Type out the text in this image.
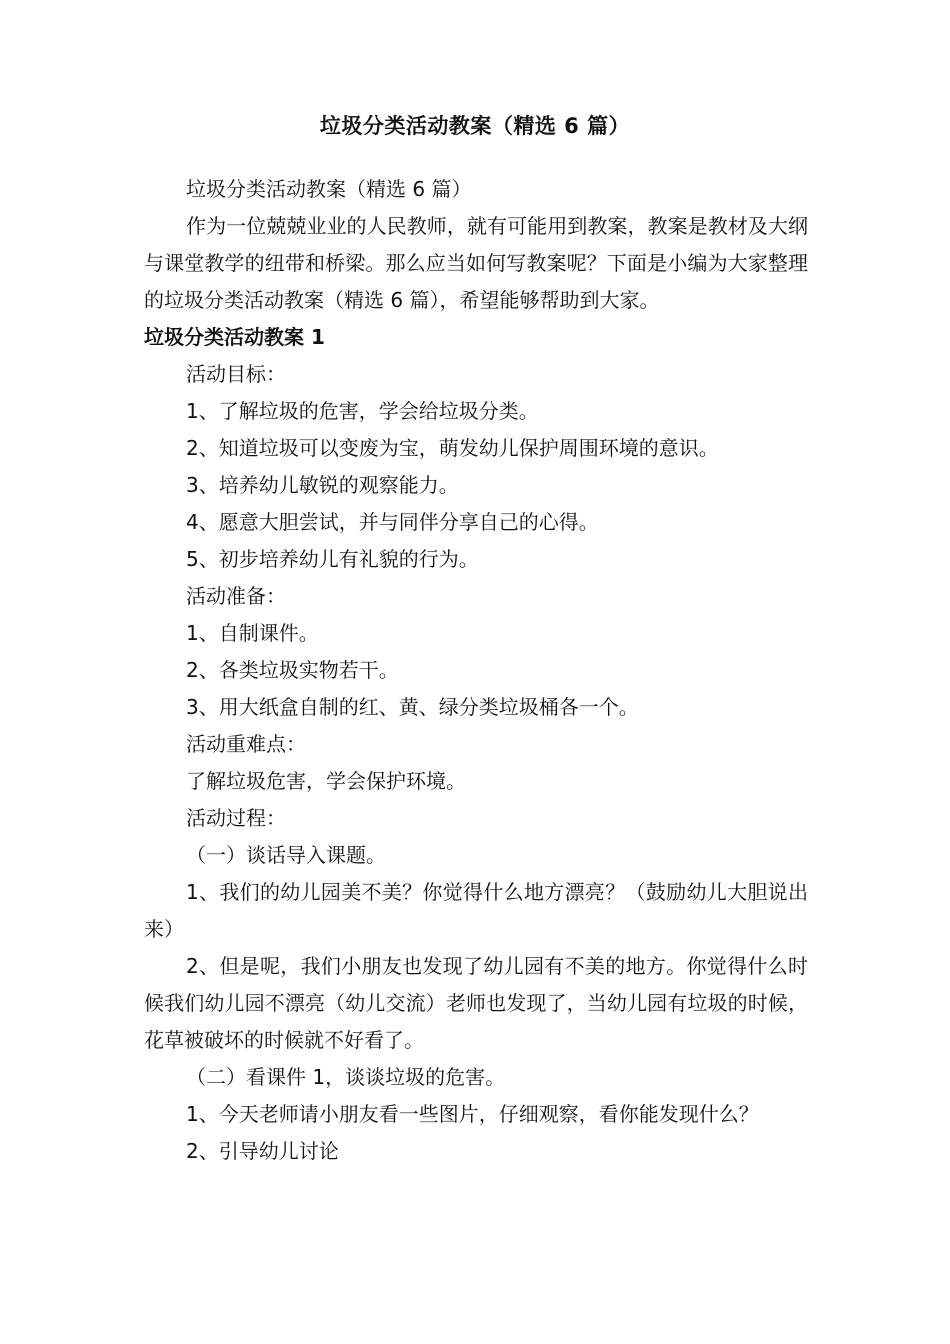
垃圾分类活动教案（精选 6 篇）

垃圾分类活动教案（精选 6 篇）

作为一位兢兢业业的人民教师，就有可能用到教案，教案是教材及大纲与课堂教学的纽带和桥梁。那么应当如何写教案呢？下面是小编为大家整理的垃圾分类活动教案（精选 6 篇），希望能够帮助到大家。

垃圾分类活动教案 1

活动目标：

1、了解垃圾的危害，学会给垃圾分类。

2、知道垃圾可以变废为宝，萌发幼儿保护周围环境的意识。

3、培养幼儿敏锐的观察能力。

4、愿意大胆尝试，并与同伴分享自己的心得。

5、初步培养幼儿有礼貌的行为。

活动准备：

1、自制课件。

2、各类垃圾实物若干。

3、用大纸盒自制的红、黄、绿分类垃圾桶各一个。

活动重难点：

了解垃圾危害，学会保护环境。

活动过程：

（一）谈话导入课题。

1、我们的幼儿园美不美？你觉得什么地方漂亮？（鼓励幼儿大胆说出来）

2、但是呢，我们小朋友也发现了幼儿园有不美的地方。你觉得什么时候我们幼儿园不漂亮（幼儿交流）老师也发现了，当幼儿园有垃圾的时候，花草被破坏的时候就不好看了。

（二）看课件 1，谈谈垃圾的危害。

1、今天老师请小朋友看一些图片，仔细观察，看你能发现什么？

2、引导幼儿讨论
